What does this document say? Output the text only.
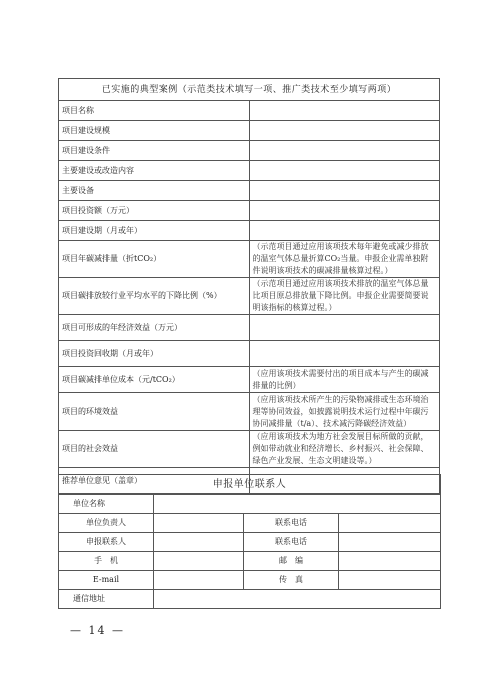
已实施的典型案例（示范类技术填写一项、推广类技术至少填写两项）	
项目名称	
项目建设规模	
项目建设条件	
主要建设或改造内容	
主要设备	
项目投资额（万元）	
项目建设期（月或年）	
项目年碳减排量（折tCO₂）	（示范项目通过应用该项技术每年避免或减少排放的温室气体总量折算CO₂当量。申报企业需单独附件说明该项技术的碳减排量核算过程。）
项目碳排放较行业平均水平的下降比例（%）	（示范项目通过应用该项技术排放的温室气体总量比项目原总排放量下降比例。申报企业需要简要说明该指标的核算过程。）
项目可形成的年经济效益（万元）	
项目投资回收期（月或年）	
项目碳减排单位成本（元/tCO₂）	（应用该项技术需要付出的项目成本与产生的碳减排量的比例）
项目的环境效益	（应用该项技术所产生的污染物减排或生态环境治理等协同效益，如披露说明技术运行过程中年碳污协同减排量（t/a）、技术减污降碳经济效益）
项目的社会效益	（应用该项技术为地方社会发展目标所做的贡献，例如带动就业和经济增长、乡村振兴、社会保障、绿色产业发展、生态文明建设等。）
推荐单位意见（盖章）		申报单位联系人			
单位名称			
单位负责人		联系电话	
申报联系人		联系电话	
手　机		邮　编	
E-mail		传　真	
通信地址			
— 14 —
